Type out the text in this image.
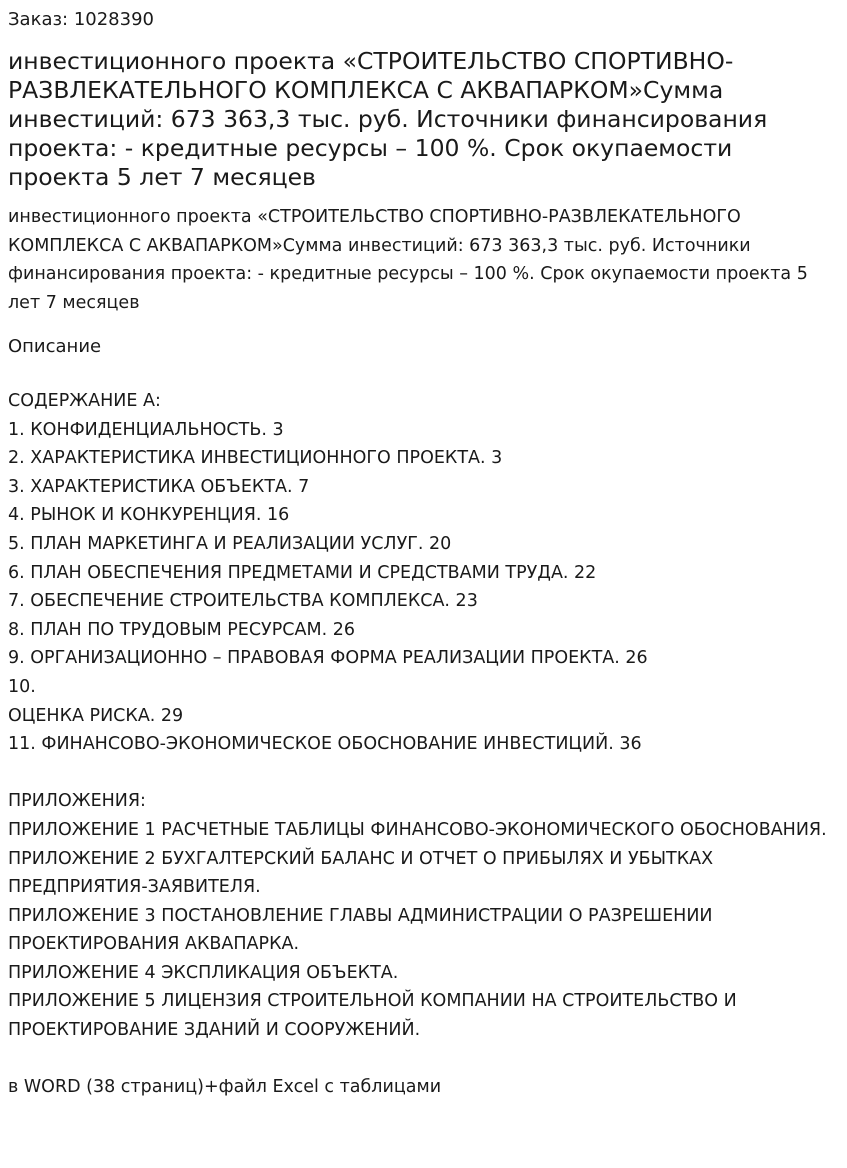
Заказ: 1028390
инвестиционного проекта «СТРОИТЕЛЬСТВО СПОРТИВНО-РАЗВЛЕКАТЕЛЬНОГО КОМПЛЕКСА С АКВАПАРКОМ»Сумма инвестиций: 673 363,3 тыс. руб. Источники финансирования проекта: - кредитные ресурсы – 100 %. Срок окупаемости проекта 5 лет 7 месяцев
инвестиционного проекта «СТРОИТЕЛЬСТВО СПОРТИВНО-РАЗВЛЕКАТЕЛЬНОГО КОМПЛЕКСА С АКВАПАРКОМ»Сумма инвестиций: 673 363,3 тыс. руб. Источники финансирования проекта: - кредитные ресурсы – 100 %. Срок окупаемости проекта 5 лет 7 месяцев
Описание
СОДЕРЖАНИЕ А:
1. КОНФИДЕНЦИАЛЬНОСТЬ. 3
2. ХАРАКТЕРИСТИКА ИНВЕСТИЦИОННОГО ПРОЕКТА. 3
3. ХАРАКТЕРИСТИКА ОБЪЕКТА. 7
4. РЫНОК И КОНКУРЕНЦИЯ. 16
5. ПЛАН МАРКЕТИНГА И РЕАЛИЗАЦИИ УСЛУГ. 20
6. ПЛАН ОБЕСПЕЧЕНИЯ ПРЕДМЕТАМИ И СРЕДСТВАМИ ТРУДА. 22
7. ОБЕСПЕЧЕНИЕ СТРОИТЕЛЬСТВА КОМПЛЕКСА. 23
8. ПЛАН ПО ТРУДОВЫМ РЕСУРСАМ. 26
9. ОРГАНИЗАЦИОННО – ПРАВОВАЯ ФОРМА РЕАЛИЗАЦИИ ПРОЕКТА. 26
10.
ОЦЕНКА РИСКА. 29
11. ФИНАНСОВО-ЭКОНОМИЧЕСКОЕ ОБОСНОВАНИЕ ИНВЕСТИЦИЙ. 36
ПРИЛОЖЕНИЯ:
ПРИЛОЖЕНИЕ 1 РАСЧЕТНЫЕ ТАБЛИЦЫ ФИНАНСОВО-ЭКОНОМИЧЕСКОГО ОБОСНОВАНИЯ.
ПРИЛОЖЕНИЕ 2 БУХГАЛТЕРСКИЙ БАЛАНС И ОТЧЕТ О ПРИБЫЛЯХ И УБЫТКАХ ПРЕДПРИЯТИЯ-ЗАЯВИТЕЛЯ.
ПРИЛОЖЕНИЕ 3 ПОСТАНОВЛЕНИЕ ГЛАВЫ АДМИНИСТРАЦИИ О РАЗРЕШЕНИИ ПРОЕКТИРОВАНИЯ АКВАПАРКА.
ПРИЛОЖЕНИЕ 4 ЭКСПЛИКАЦИЯ ОБЪЕКТА.
ПРИЛОЖЕНИЕ 5 ЛИЦЕНЗИЯ СТРОИТЕЛЬНОЙ КОМПАНИИ НА СТРОИТЕЛЬСТВО И ПРОЕКТИРОВАНИЕ ЗДАНИЙ И СООРУЖЕНИЙ.
в WORD (38 страниц)+файл Excel с таблицами
